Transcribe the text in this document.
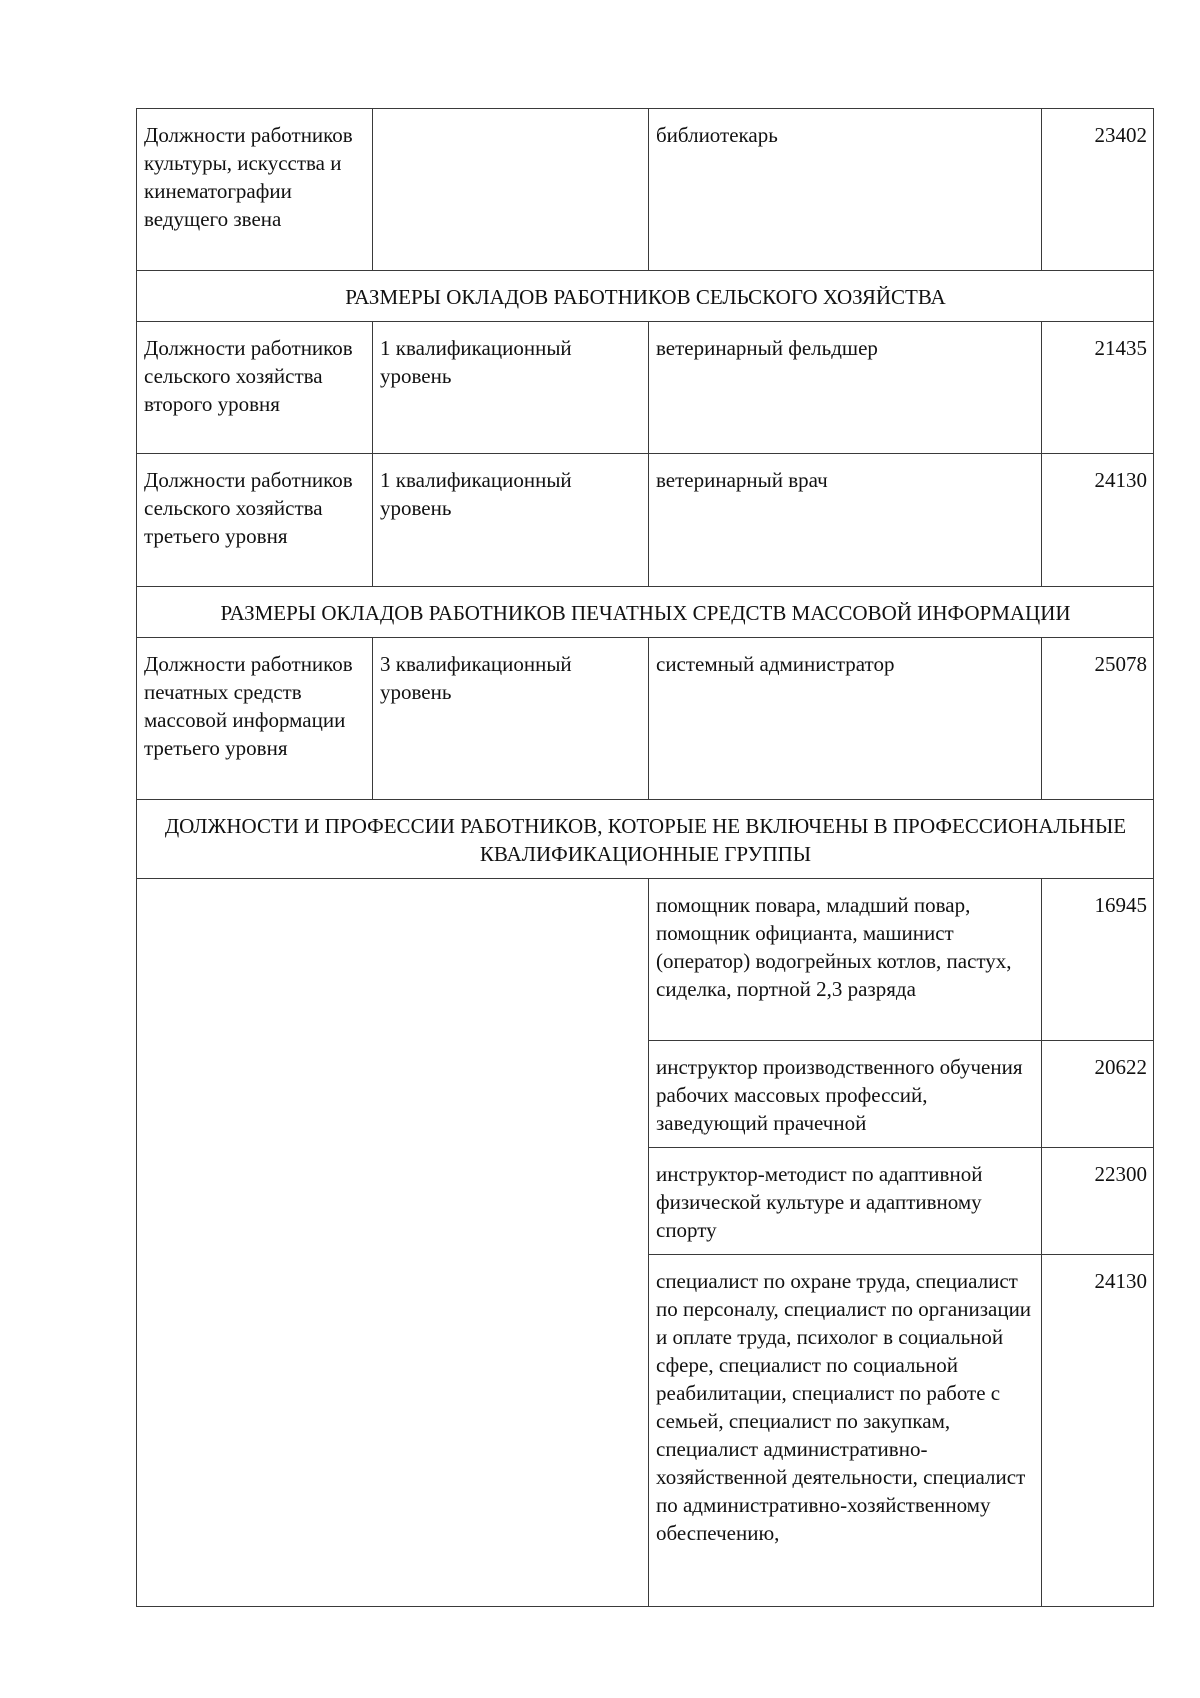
Должности работников культуры, искусства и кинематографии ведущего звена		библиотекарь	23402
РАЗМЕРЫ ОКЛАДОВ РАБОТНИКОВ СЕЛЬСКОГО ХОЗЯЙСТВА			
Должности работников сельского хозяйства второго уровня	1 квалификационный уровень	ветеринарный фельдшер	21435
Должности работников сельского хозяйства третьего уровня	1 квалификационный уровень	ветеринарный врач	24130
РАЗМЕРЫ ОКЛАДОВ РАБОТНИКОВ ПЕЧАТНЫХ СРЕДСТВ МАССОВОЙ ИНФОРМАЦИИ			
Должности работников печатных средств массовой информации третьего уровня	3 квалификационный уровень	системный администратор	25078
ДОЛЖНОСТИ И ПРОФЕССИИ РАБОТНИКОВ, КОТОРЫЕ НЕ ВКЛЮЧЕНЫ В ПРОФЕССИОНАЛЬНЫЕ КВАЛИФИКАЦИОННЫЕ ГРУППЫ			
		помощник повара, младший повар, помощник официанта, машинист (оператор) водогрейных котлов, пастух, сиделка, портной 2,3 разряда	16945
		инструктор производственного обучения рабочих массовых профессий, заведующий прачечной	20622
		инструктор-методист по адаптивной физической культуре и адаптивному спорту	22300
		специалист по охране труда, специалист по персоналу, специалист по организации и оплате труда, психолог в социальной сфере, специалист по социальной реабилитации, специалист по работе с семьей, специалист по закупкам, специалист административно-хозяйственной деятельности, специалист по административно-хозяйственному обеспечению,	24130
